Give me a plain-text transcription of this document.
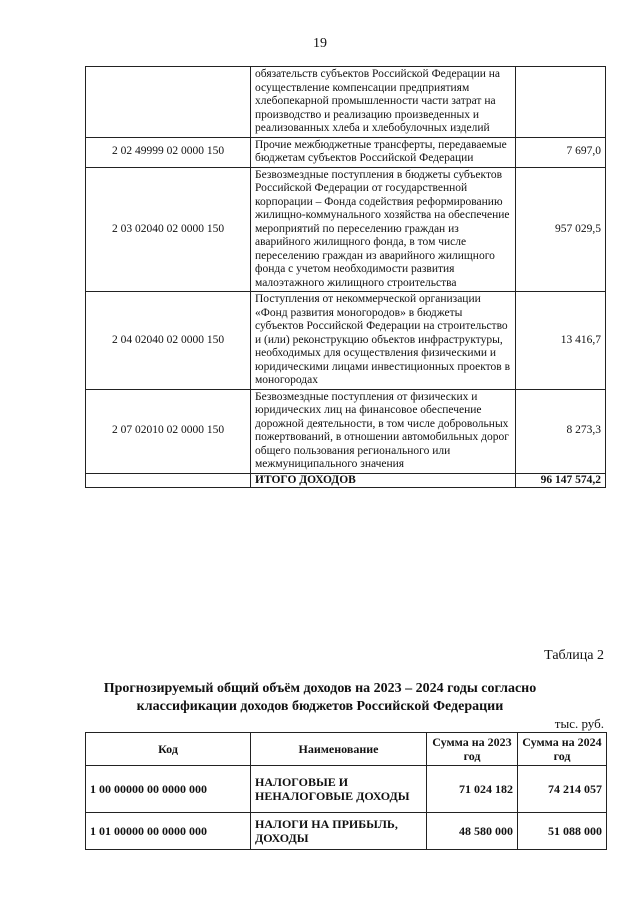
19
	обязательств субъектов Российской Федерации на осуществление компенсации предприятиям хлебопекарной промышленности части затрат на производство и реализацию произведенных и реализованных хлеба и хлебобулочных изделий	
2 02 49999 02 0000 150	Прочие межбюджетные трансферты, передаваемые бюджетам субъектов Российской Федерации	7 697,0
2 03 02040 02 0000 150	Безвозмездные поступления в бюджеты субъектов Российской Федерации от государственной корпорации – Фонда содействия реформированию жилищно-коммунального хозяйства на обеспечение мероприятий по переселению граждан из аварийного жилищного фонда, в том числе переселению граждан из аварийного жилищного фонда с учетом необходимости развития малоэтажного жилищного строительства	957 029,5
2 04 02040 02 0000 150	Поступления от некоммерческой организации «Фонд развития моногородов» в бюджеты субъектов Российской Федерации на строительство и (или) реконструкцию объектов инфраструктуры, необходимых для осуществления физическими и юридическими лицами инвестиционных проектов в моногородах	13 416,7
2 07 02010 02 0000 150	Безвозмездные поступления от физических и юридических лиц на финансовое обеспечение дорожной деятельности, в том числе добровольных пожертвований, в отношении автомобильных дорог общего пользования регионального или межмуниципального значения	8 273,3
	ИТОГО ДОХОДОВ	96 147 574,2
Таблица 2
Прогнозируемый общий объём доходов на 2023 – 2024 годы согласно классификации доходов бюджетов Российской Федерации
тыс. руб.
Код	Наименование	Сумма на 2023 год	Сумма на 2024 год
1 00 00000 00 0000 000	НАЛОГОВЫЕ И НЕНАЛОГОВЫЕ ДОХОДЫ	71 024 182	74 214 057
1 01 00000 00 0000 000	НАЛОГИ НА ПРИБЫЛЬ, ДОХОДЫ	48 580 000	51 088 000
